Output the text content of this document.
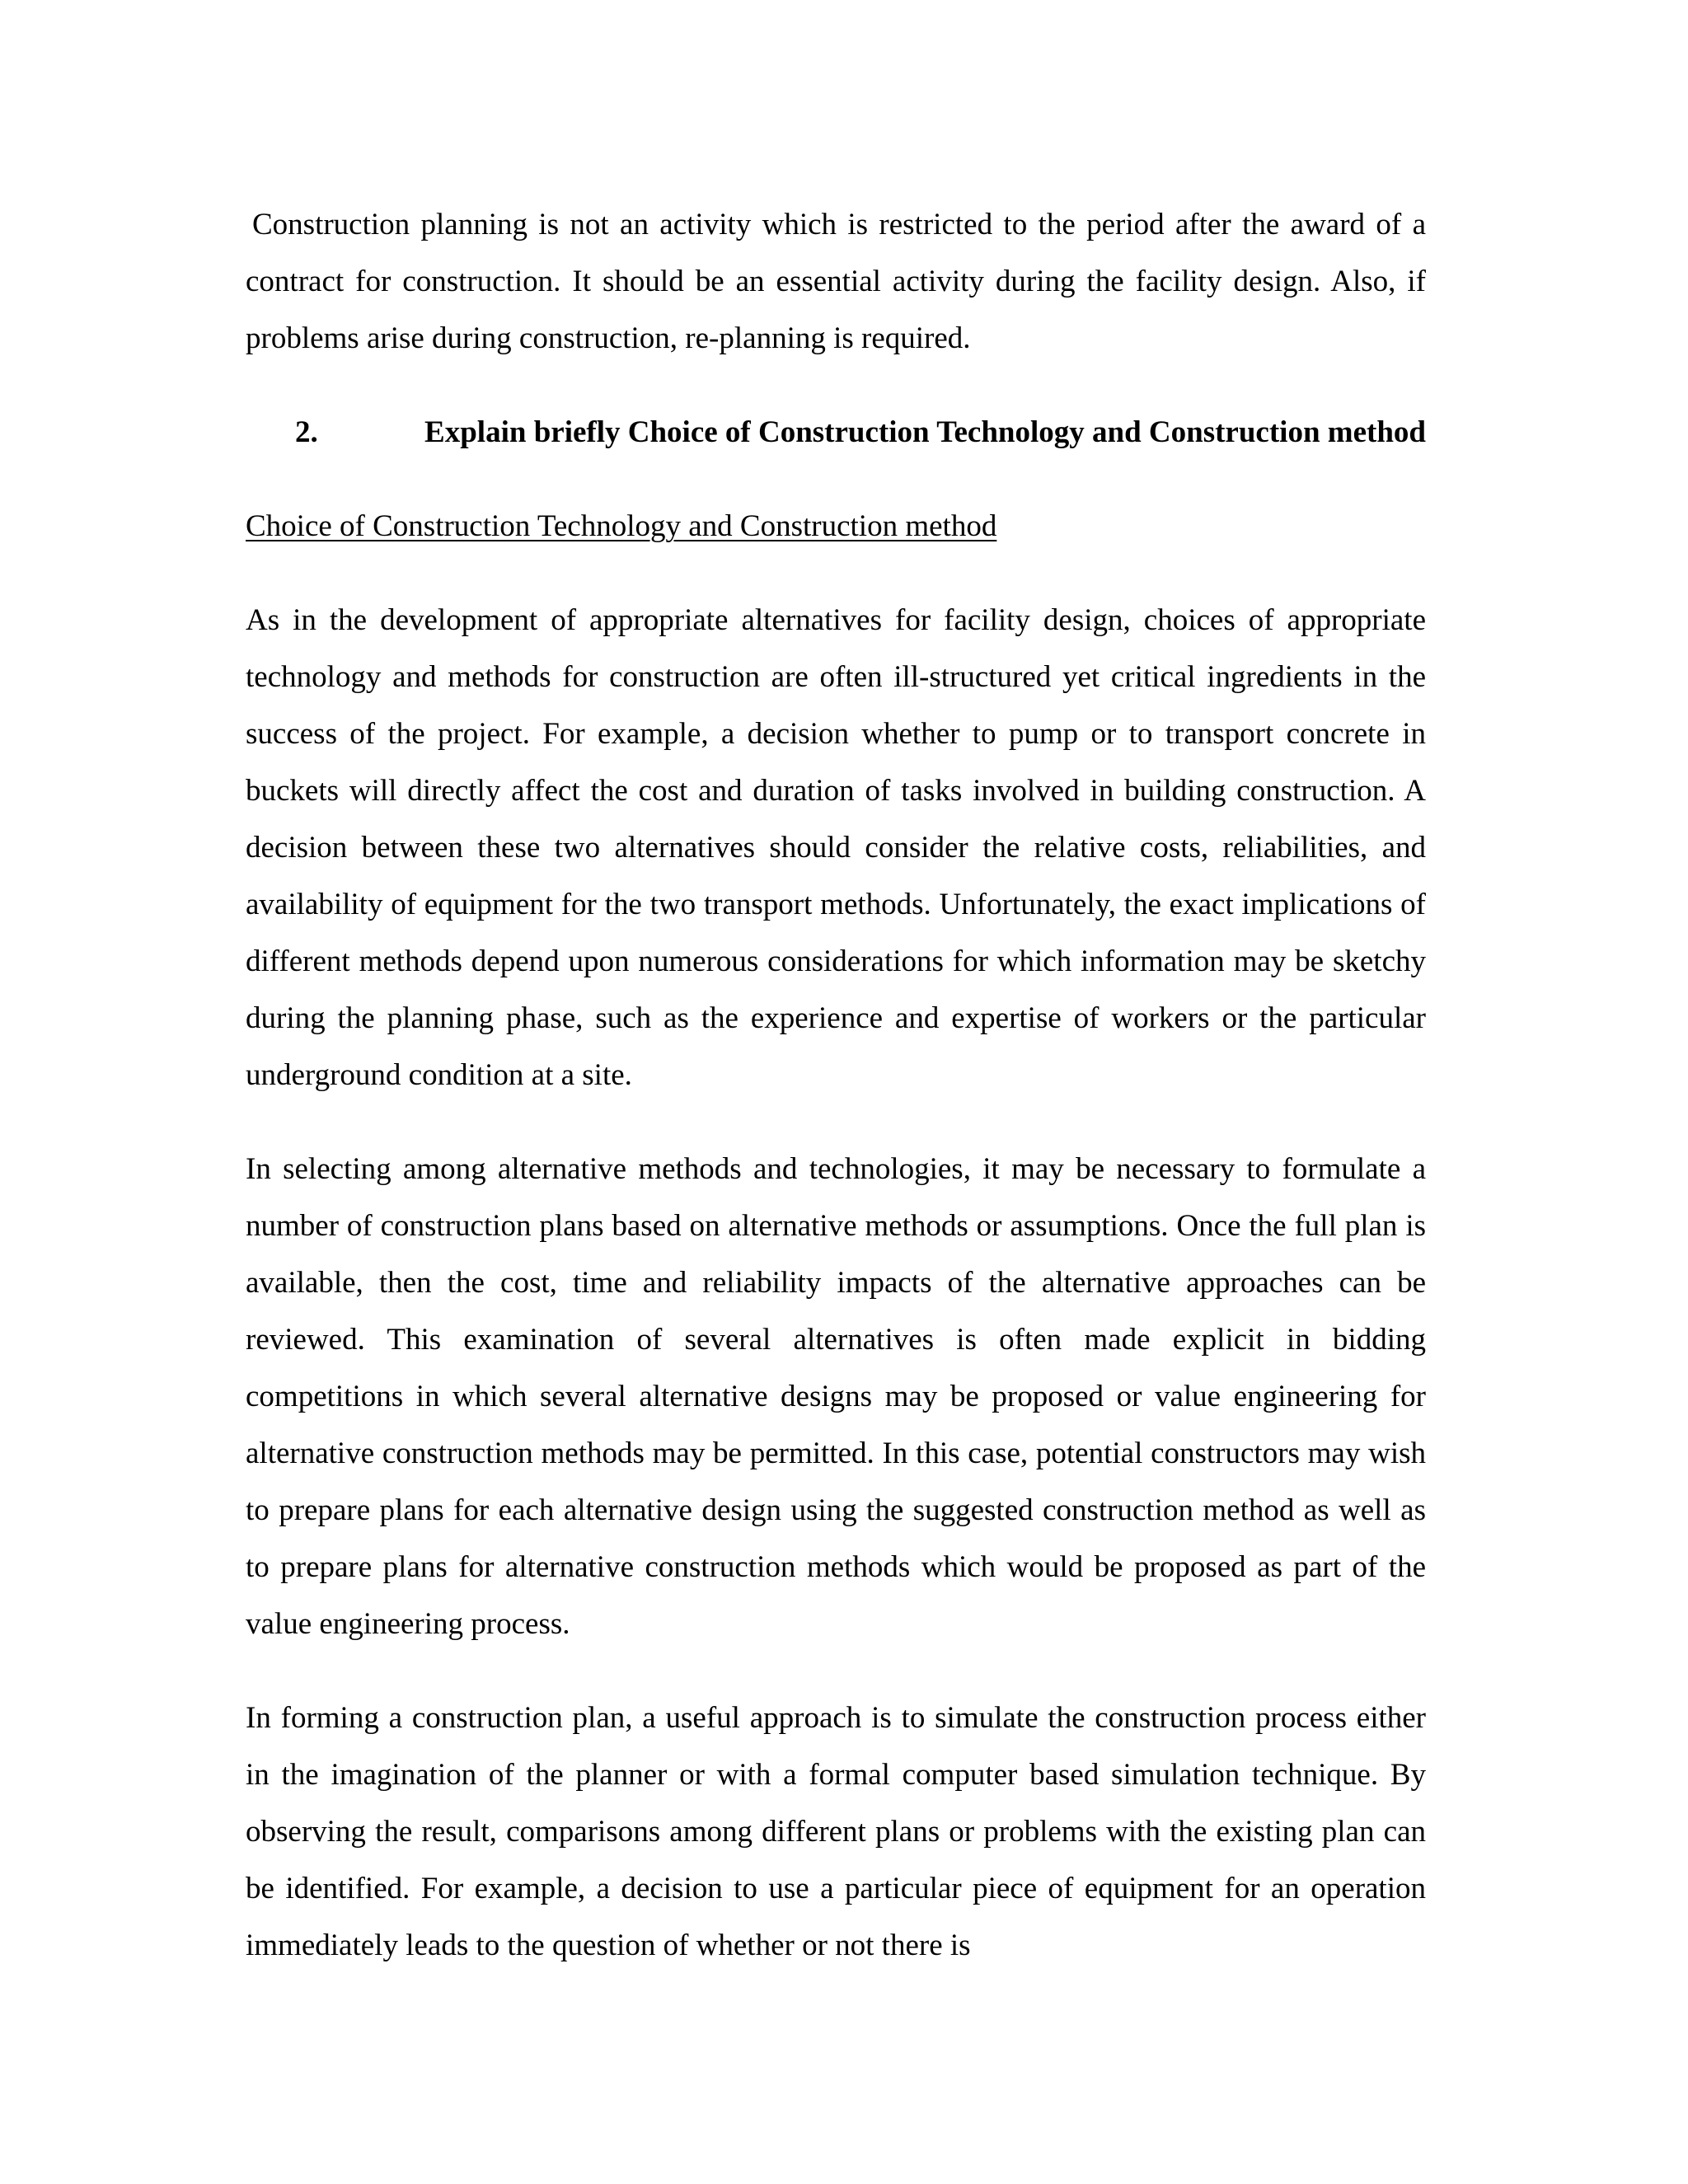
Construction planning is not an activity which is restricted to the period after the award of a contract for construction. It should be an essential activity during the facility design. Also, if problems arise during construction, re-planning is required.

2.	Explain briefly Choice of Construction Technology and Construction method

Choice of Construction Technology and Construction method

As in the development of appropriate alternatives for facility design, choices of appropriate technology and methods for construction are often ill-structured yet critical ingredients in the success of the project. For example, a decision whether to pump or to transport concrete in buckets will directly affect the cost and duration of tasks involved in building construction. A decision between these two alternatives should consider the relative costs, reliabilities, and availability of equipment for the two transport methods. Unfortunately, the exact implications of different methods depend upon numerous considerations for which information may be sketchy during the planning phase, such as the experience and expertise of workers or the particular underground condition at a site.

In selecting among alternative methods and technologies, it may be necessary to formulate a number of construction plans based on alternative methods or assumptions. Once the full plan is available, then the cost, time and reliability impacts of the alternative approaches can be reviewed. This examination of several alternatives is often made explicit in bidding competitions in which several alternative designs may be proposed or value engineering for alternative construction methods may be permitted. In this case, potential constructors may wish to prepare plans for each alternative design using the suggested construction method as well as to prepare plans for alternative construction methods which would be proposed as part of the value engineering process.

In forming a construction plan, a useful approach is to simulate the construction process either in the imagination of the planner or with a formal computer based simulation technique. By observing the result, comparisons among different plans or problems with the existing plan can be identified. For example, a decision to use a particular piece of equipment for an operation immediately leads to the question of whether or not there is
